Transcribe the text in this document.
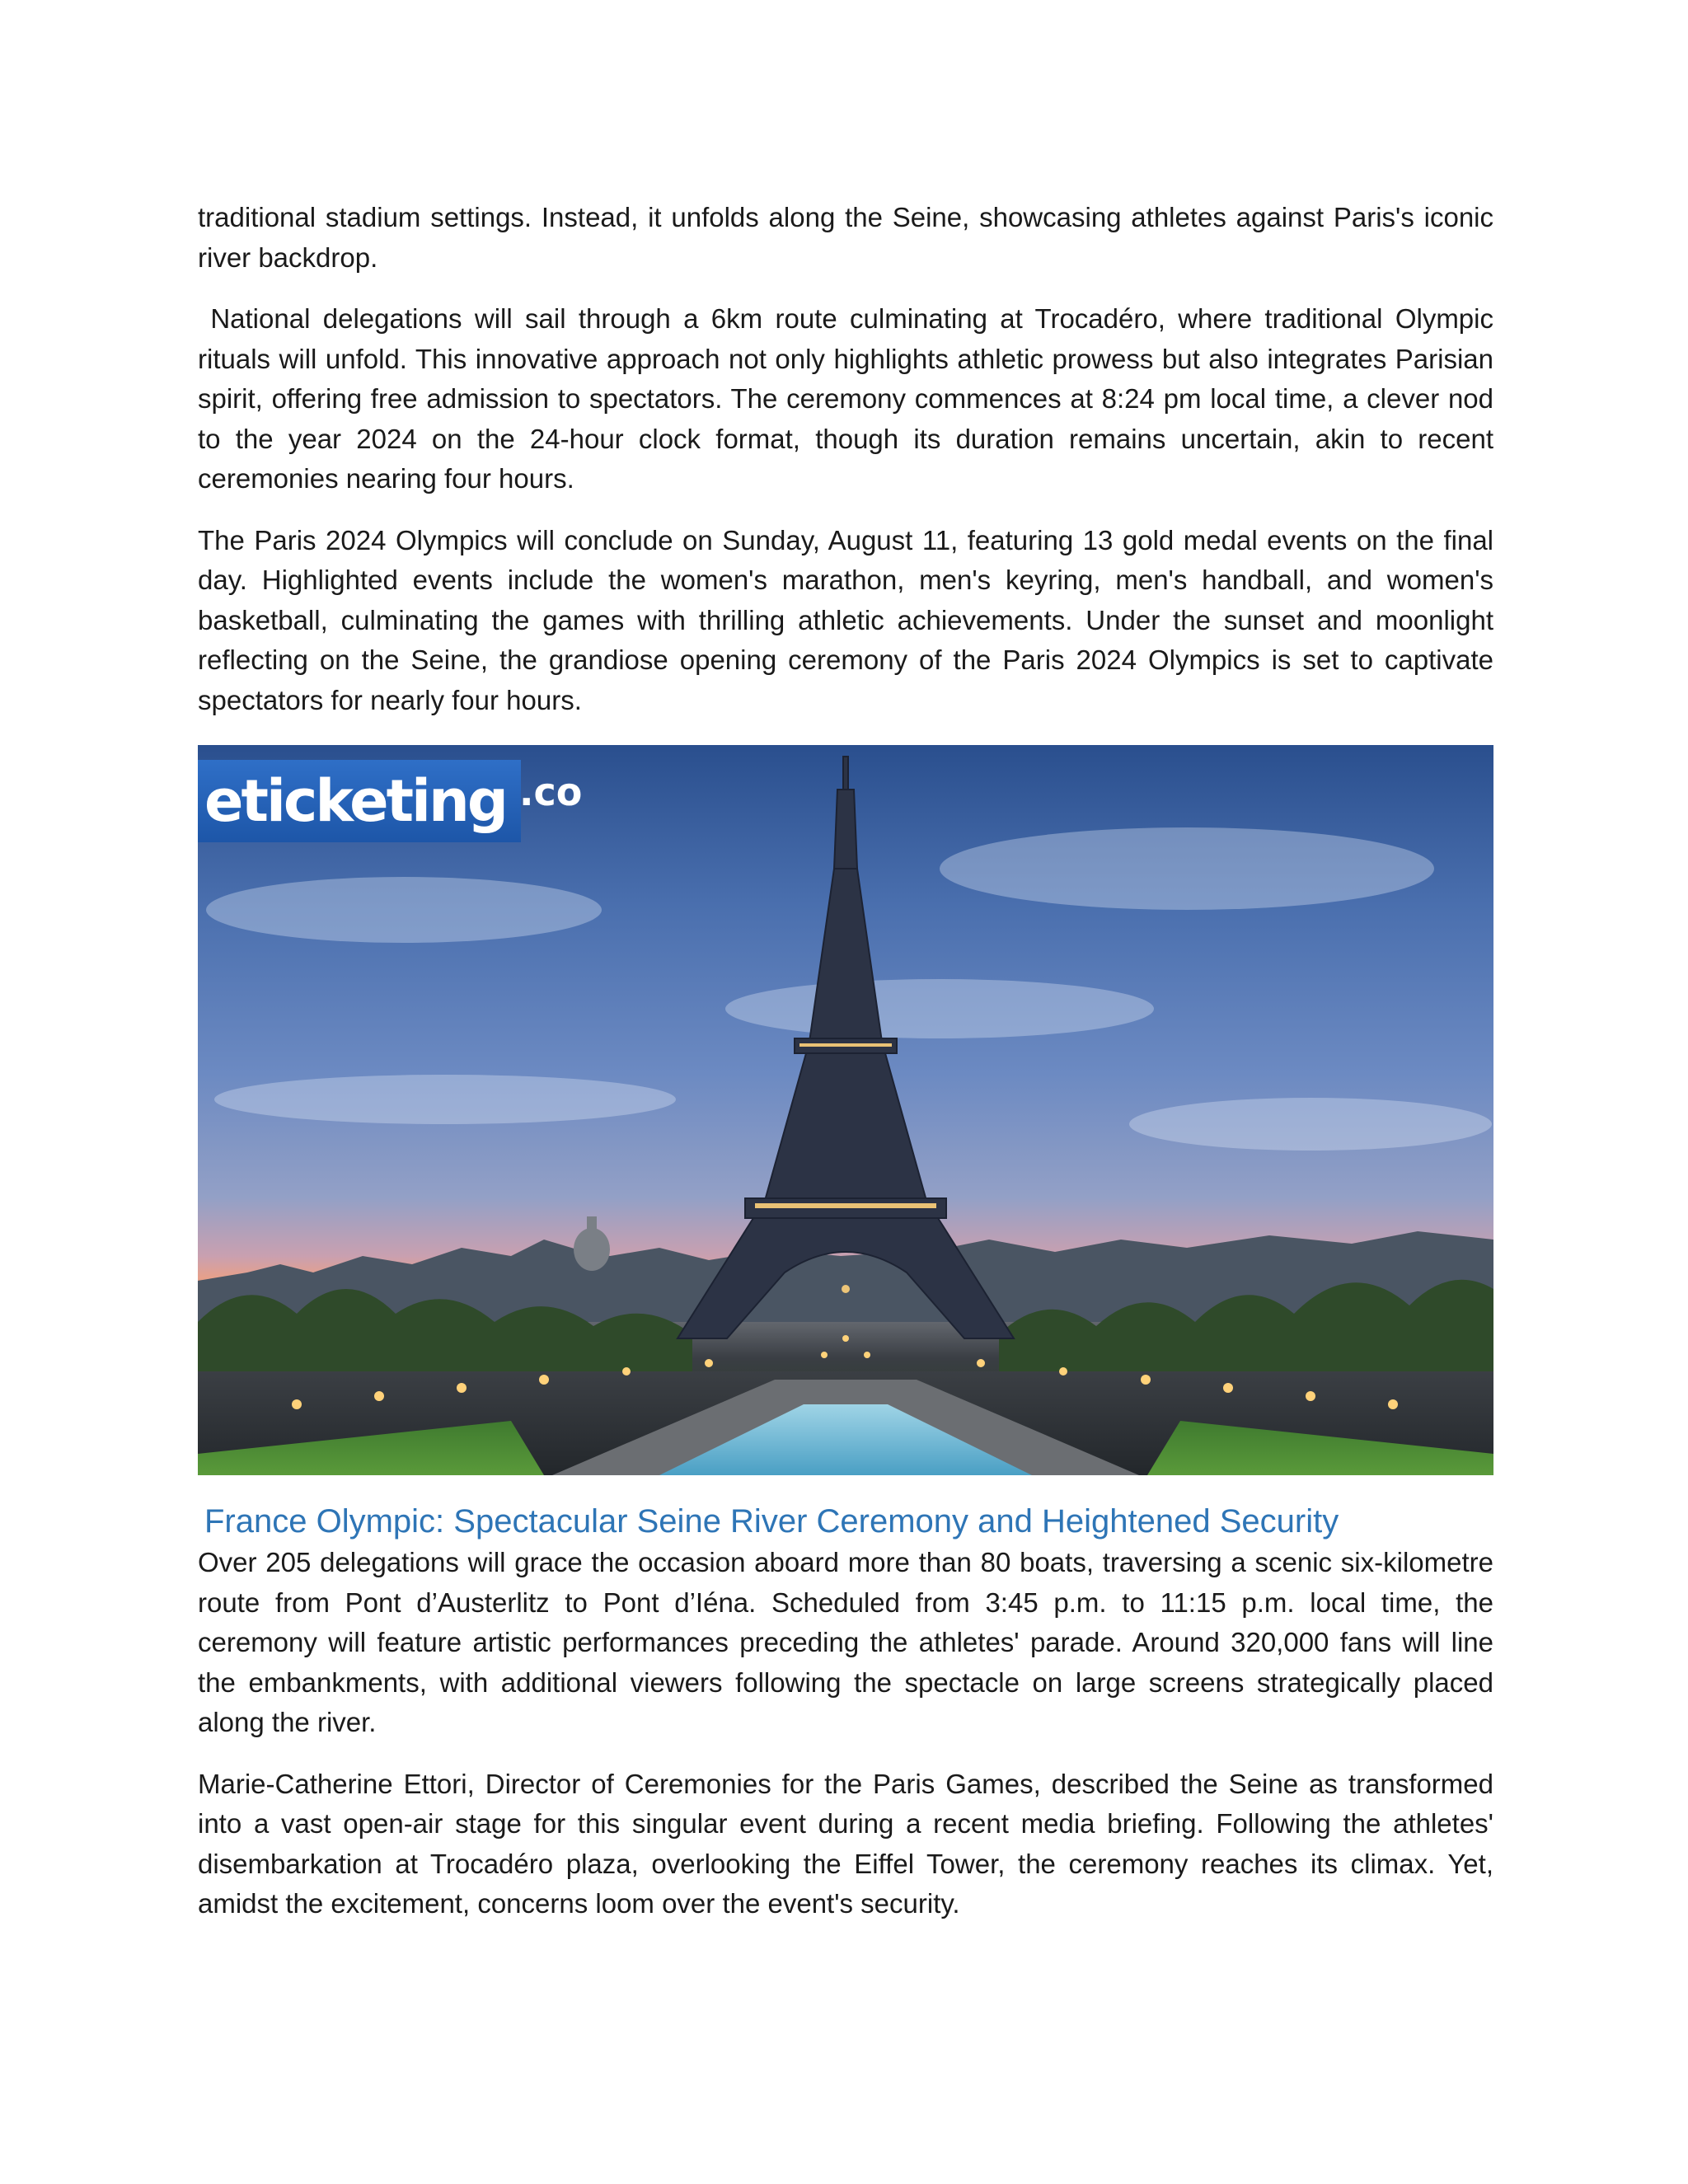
traditional stadium settings. Instead, it unfolds along the Seine, showcasing athletes against Paris's iconic river backdrop.

National delegations will sail through a 6km route culminating at Trocadéro, where traditional Olympic rituals will unfold. This innovative approach not only highlights athletic prowess but also integrates Parisian spirit, offering free admission to spectators. The ceremony commences at 8:24 pm local time, a clever nod to the year 2024 on the 24-hour clock format, though its duration remains uncertain, akin to recent ceremonies nearing four hours.

The Paris 2024 Olympics will conclude on Sunday, August 11, featuring 13 gold medal events on the final day. Highlighted events include the women's marathon, men's keyring, men's handball, and women's basketball, culminating the games with thrilling athletic achievements. Under the sunset and moonlight reflecting on the Seine, the grandiose opening ceremony of the Paris 2024 Olympics is set to captivate spectators for nearly four hours.

eticketing .co
France Olympic: Spectacular Seine River Ceremony and Heightened Security

Over 205 delegations will grace the occasion aboard more than 80 boats, traversing a scenic six-kilometre route from Pont d’Austerlitz to Pont d’Iéna. Scheduled from 3:45 p.m. to 11:15 p.m. local time, the ceremony will feature artistic performances preceding the athletes' parade. Around 320,000 fans will line the embankments, with additional viewers following the spectacle on large screens strategically placed along the river.

Marie-Catherine Ettori, Director of Ceremonies for the Paris Games, described the Seine as transformed into a vast open-air stage for this singular event during a recent media briefing. Following the athletes' disembarkation at Trocadéro plaza, overlooking the Eiffel Tower, the ceremony reaches its climax. Yet, amidst the excitement, concerns loom over the event's security.
